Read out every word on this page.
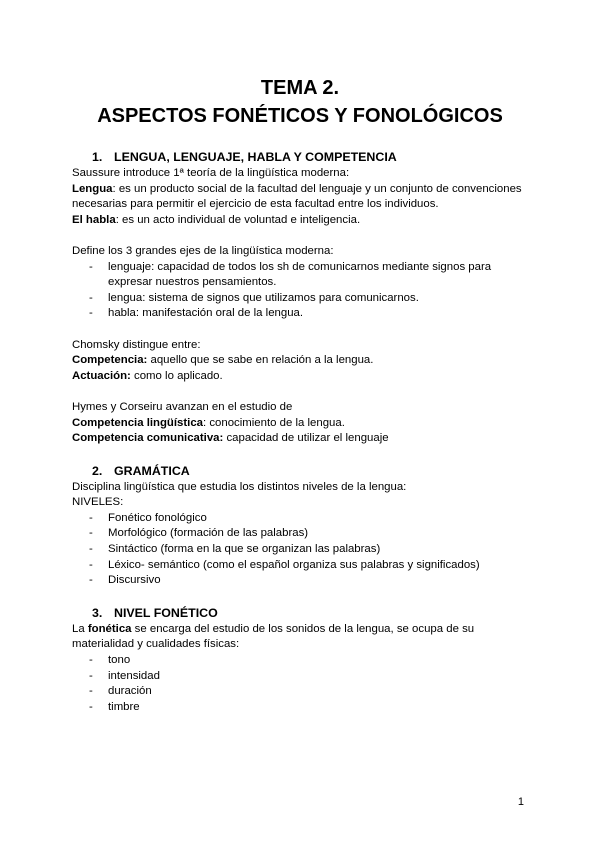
TEMA 2.
ASPECTOS FONÉTICOS Y FONOLÓGICOS
1. LENGUA, LENGUAJE, HABLA Y COMPETENCIA

Saussure introduce 1ª teoría de la lingüística moderna:

Lengua: es un producto social de la facultad del lenguaje y un conjunto de convenciones necesarias para permitir el ejercicio de esta facultad entre los individuos.

El habla: es un acto individual de voluntad e inteligencia.

Define los 3 grandes ejes de la lingüística moderna:

- lenguaje: capacidad de todos los sh de comunicarnos mediante signos para expresar nuestros pensamientos.
- lengua: sistema de signos que utilizamos para comunicarnos.
- habla: manifestación oral de la lengua.

Chomsky distingue entre:

Competencia: aquello que se sabe en relación a la lengua.

Actuación: como lo aplicado.

Hymes y Corseiru avanzan en el estudio de

Competencia lingüística: conocimiento de la lengua.

Competencia comunicativa: capacidad de utilizar el lenguaje

2. GRAMÁTICA

Disciplina lingüística que estudia los distintos niveles de la lengua:

NIVELES:

- Fonético fonológico
- Morfológico (formación de las palabras)
- Sintáctico (forma en la que se organizan las palabras)
- Léxico- semántico (como el español organiza sus palabras y significados)
- Discursivo
3. NIVEL FONÉTICO

La fonética se encarga del estudio de los sonidos de la lengua, se ocupa de su materialidad y cualidades físicas:

- tono
- intensidad
- duración
- timbre
1
